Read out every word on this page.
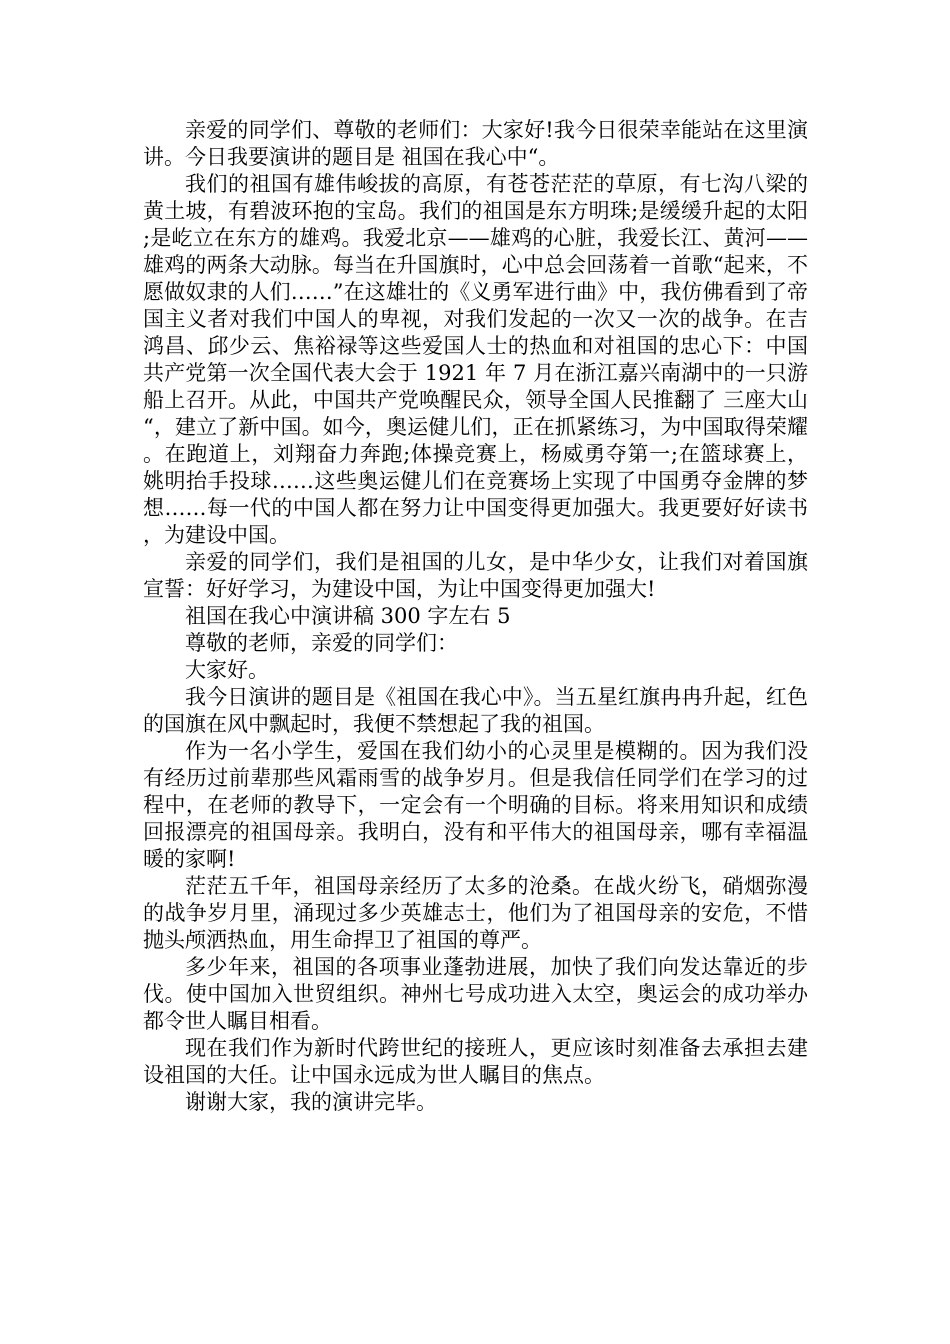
亲爱的同学们、尊敬的老师们：大家好!我今日很荣幸能站在这里演讲。今日我要演讲的题目是 祖国在我心中“。

我们的祖国有雄伟峻拔的高原，有苍苍茫茫的草原，有七沟八梁的黄土坡，有碧波环抱的宝岛。我们的祖国是东方明珠;是缓缓升起的太阳;是屹立在东方的雄鸡。我爱北京——雄鸡的心脏，我爱长江、黄河——雄鸡的两条大动脉。每当在升国旗时，心中总会回荡着一首歌“起来，不愿做奴隶的人们……”在这雄壮的《义勇军进行曲》中，我仿佛看到了帝国主义者对我们中国人的卑视，对我们发起的一次又一次的战争。在吉鸿昌、邱少云、焦裕禄等这些爱国人士的热血和对祖国的忠心下：中国共产党第一次全国代表大会于 1921 年 7 月在浙江嘉兴南湖中的一只游船上召开。从此，中国共产党唤醒民众，领导全国人民推翻了 三座大山“，建立了新中国。如今，奥运健儿们，正在抓紧练习，为中国取得荣耀。在跑道上，刘翔奋力奔跑;体操竞赛上，杨威勇夺第一;在篮球赛上，姚明抬手投球……这些奥运健儿们在竞赛场上实现了中国勇夺金牌的梦想……每一代的中国人都在努力让中国变得更加强大。我更要好好读书，为建设中国。

亲爱的同学们，我们是祖国的儿女，是中华少女，让我们对着国旗宣誓：好好学习，为建设中国，为让中国变得更加强大!

祖国在我心中演讲稿 300 字左右 5

尊敬的老师，亲爱的同学们：

大家好。

我今日演讲的题目是《祖国在我心中》。当五星红旗冉冉升起，红色的国旗在风中飘起时，我便不禁想起了我的祖国。

作为一名小学生，爱国在我们幼小的心灵里是模糊的。因为我们没有经历过前辈那些风霜雨雪的战争岁月。但是我信任同学们在学习的过程中，在老师的教导下，一定会有一个明确的目标。将来用知识和成绩回报漂亮的祖国母亲。我明白，没有和平伟大的祖国母亲，哪有幸福温暖的家啊!

茫茫五千年，祖国母亲经历了太多的沧桑。在战火纷飞，硝烟弥漫的战争岁月里，涌现过多少英雄志士，他们为了祖国母亲的安危，不惜抛头颅洒热血，用生命捍卫了祖国的尊严。

多少年来，祖国的各项事业蓬勃进展，加快了我们向发达靠近的步伐。使中国加入世贸组织。神州七号成功进入太空，奥运会的成功举办都令世人瞩目相看。

现在我们作为新时代跨世纪的接班人，更应该时刻准备去承担去建设祖国的大任。让中国永远成为世人瞩目的焦点。

谢谢大家，我的演讲完毕。
